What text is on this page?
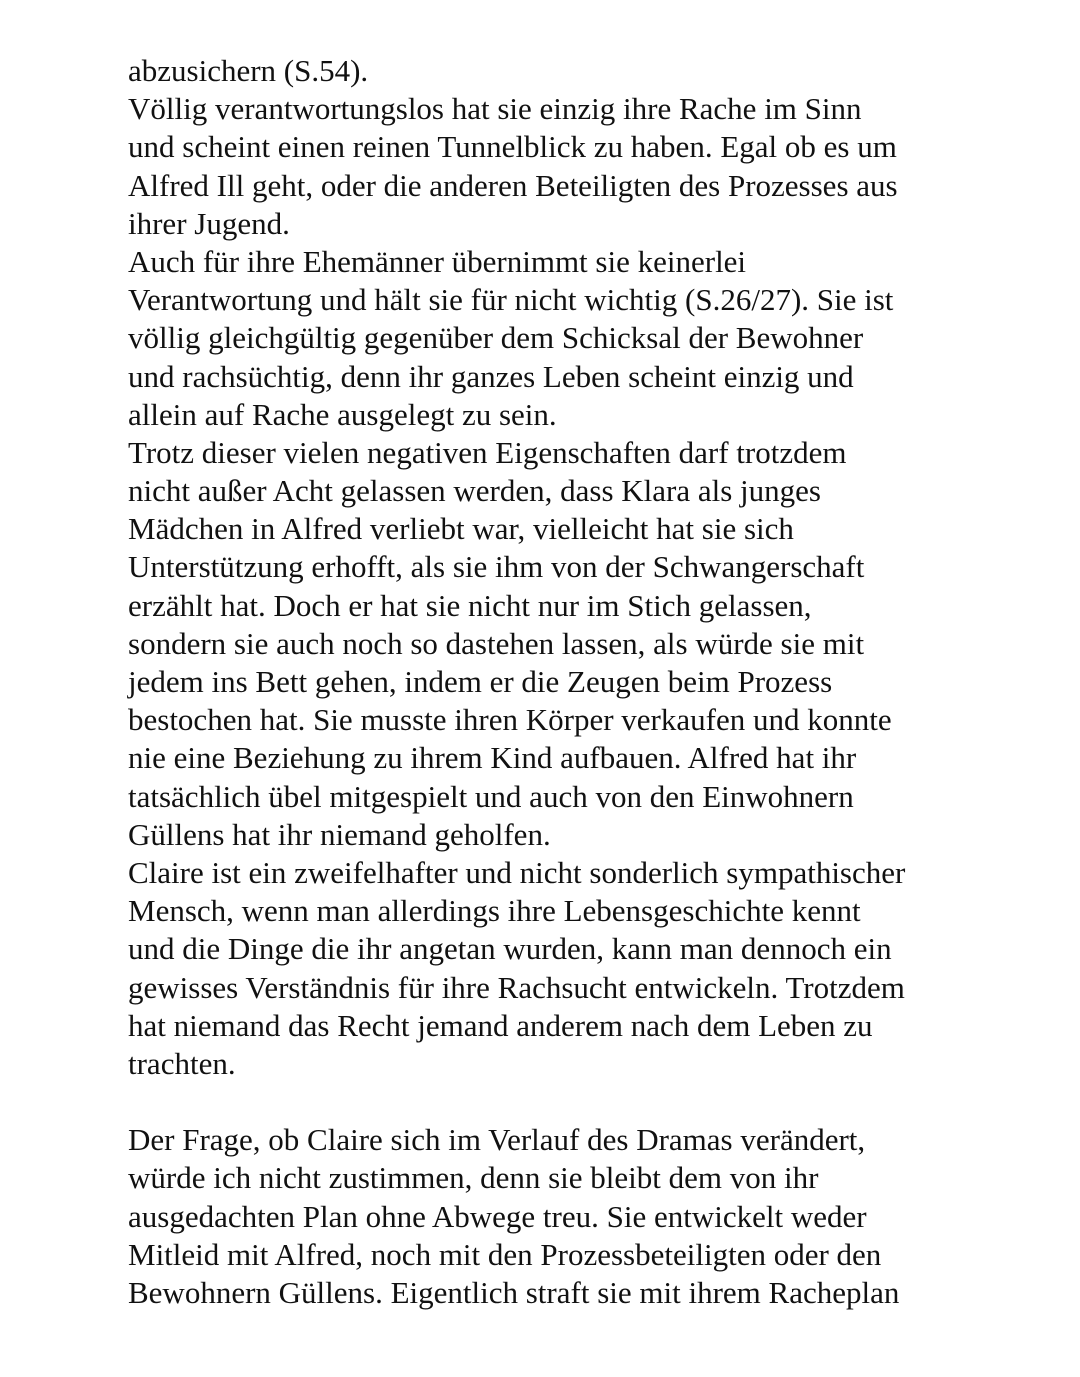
abzusichern (S.54).
Völlig verantwortungslos hat sie einzig ihre Rache im Sinn
und scheint einen reinen Tunnelblick zu haben. Egal ob es um
Alfred Ill geht, oder die anderen Beteiligten des Prozesses aus
ihrer Jugend.
Auch für ihre Ehemänner übernimmt sie keinerlei
Verantwortung und hält sie für nicht wichtig (S.26/27). Sie ist
völlig gleichgültig gegenüber dem Schicksal der Bewohner
und rachsüchtig, denn ihr ganzes Leben scheint einzig und
allein auf Rache ausgelegt zu sein.
Trotz dieser vielen negativen Eigenschaften darf trotzdem
nicht außer Acht gelassen werden, dass Klara als junges
Mädchen in Alfred verliebt war, vielleicht hat sie sich
Unterstützung erhofft, als sie ihm von der Schwangerschaft
erzählt hat. Doch er hat sie nicht nur im Stich gelassen,
sondern sie auch noch so dastehen lassen, als würde sie mit
jedem ins Bett gehen, indem er die Zeugen beim Prozess
bestochen hat. Sie musste ihren Körper verkaufen und konnte
nie eine Beziehung zu ihrem Kind aufbauen. Alfred hat ihr
tatsächlich übel mitgespielt und auch von den Einwohnern
Güllens hat ihr niemand geholfen.
Claire ist ein zweifelhafter und nicht sonderlich sympathischer
Mensch, wenn man allerdings ihre Lebensgeschichte kennt
und die Dinge die ihr angetan wurden, kann man dennoch ein
gewisses Verständnis für ihre Rachsucht entwickeln. Trotzdem
hat niemand das Recht jemand anderem nach dem Leben zu
trachten.
Der Frage, ob Claire sich im Verlauf des Dramas verändert,
würde ich nicht zustimmen, denn sie bleibt dem von ihr
ausgedachten Plan ohne Abwege treu. Sie entwickelt weder
Mitleid mit Alfred, noch mit den Prozessbeteiligten oder den
Bewohnern Güllens. Eigentlich straft sie mit ihrem Racheplan
